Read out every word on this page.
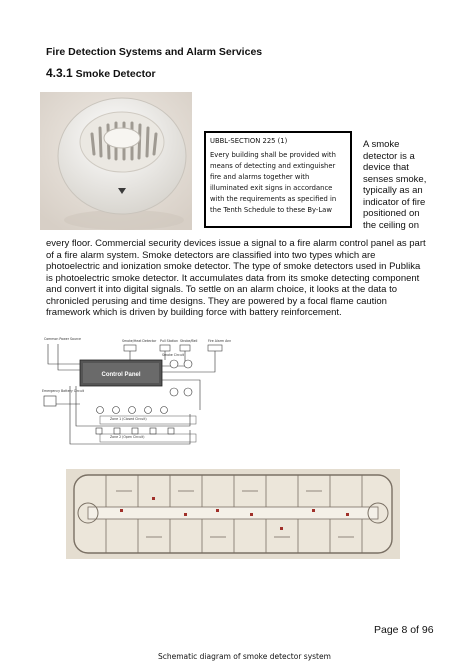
Fire Detection Systems and Alarm Services
4.3.1 Smoke Detector
UBBL-SECTION 225 (1)
Every building shall be provided with
means of detecting and extinguisher
fire and alarms together with
illuminated exit signs in accordance
with the requirements as specified in
the Tenth Schedule to these By-Law
A smoke
detector is a
device that
senses smoke,
typically as an
indicator of fire
positioned on
the ceiling on
every floor. Commercial security devices issue a signal to a fire alarm control panel as part
of a fire alarm system. Smoke detectors are classified into two types which are
photoelectric and ionization smoke detector. The type of smoke detectors used in Publika
is photoelectric smoke detector. It accumulates data from its smoke detecting component
and convert it into digital signals. To settle on an alarm choice, it looks at the data to
chronicled perusing and time designs. They are powered by a focal flame caution
framework which is driven by building force with battery reinforcement.
Common Power Source	Smoke/Heat Detector Pull Station Strobe/Bell	Fire Alarm Ann
Emergency Battery Circuit
Smoke Circuit
Zone 1 (Closed Circuit)
Zone 2 (Open Circuit)
Control Panel
Page 8 of 96
Schematic diagram of smoke detector system
